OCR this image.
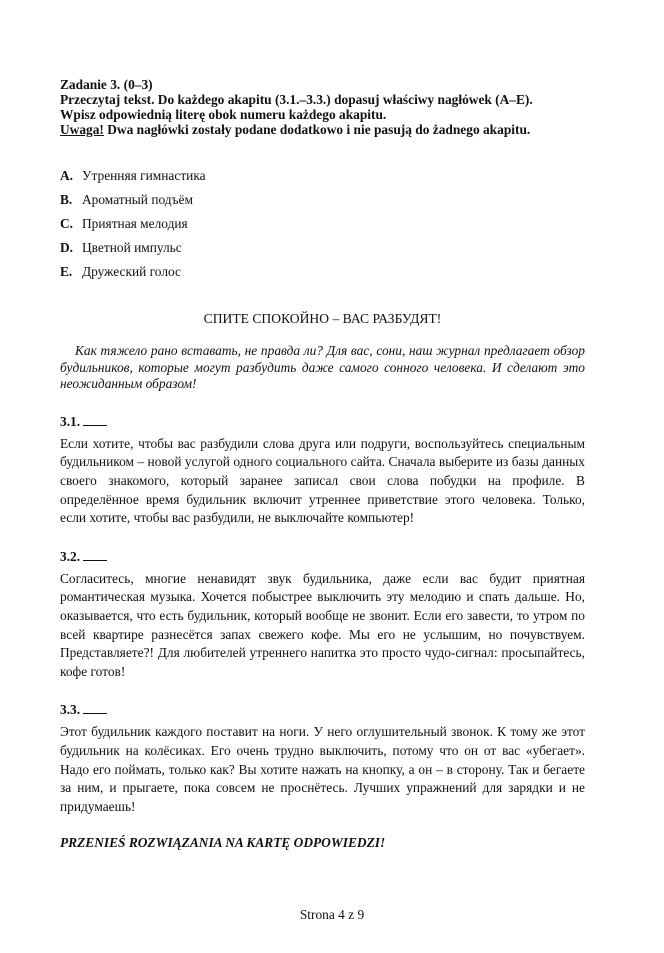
Zadanie 3. (0–3)

Przeczytaj tekst. Do każdego akapitu (3.1.–3.3.) dopasuj właściwy nagłówek (A–E).

Wpisz odpowiednią literę obok numeru każdego akapitu.

Uwaga! Dwa nagłówki zostały podane dodatkowo i nie pasują do żadnego akapitu.

A. Утренняя гимнастика
B. Ароматный подъём
C. Приятная мелодия
D. Цветной импульс
E. Дружеский голос
СПИТЕ СПОКОЙНО – ВАС РАЗБУДЯТ!
Как тяжело рано вставать, не правда ли? Для вас, сони, наш журнал предлагает обзор будильников, которые могут разбудить даже самого сонного человека. И сделают это неожиданным образом!
3.1.
Если хотите, чтобы вас разбудили слова друга или подруги, воспользуйтесь специальным будильником – новой услугой одного социального сайта. Сначала выберите из базы данных своего знакомого, который заранее записал свои слова побудки на профиле. В определённое время будильник включит утреннее приветствие этого человека. Только, если хотите, чтобы вас разбудили, не выключайте компьютер!
3.2.
Согласитесь, многие ненавидят звук будильника, даже если вас будит приятная романтическая музыка. Хочется побыстрее выключить эту мелодию и спать дальше. Но, оказывается, что есть будильник, который вообще не звонит. Если его завести, то утром по всей квартире разнесётся запах свежего кофе. Мы его не услышим, но почувствуем. Представляете?! Для любителей утреннего напитка это просто чудо-сигнал: просыпайтесь, кофе готов!
3.3.
Этот будильник каждого поставит на ноги. У него оглушительный звонок. К тому же этот будильник на колёсиках. Его очень трудно выключить, потому что он от вас «убегает». Надо его поймать, только как? Вы хотите нажать на кнопку, а он – в сторону. Так и бегаете за ним, и прыгаете, пока совсем не проснётесь. Лучших упражнений для зарядки и не придумаешь!
PRZENIEŚ ROZWIĄZANIA NA KARTĘ ODPOWIEDZI!
Strona 4 z 9
